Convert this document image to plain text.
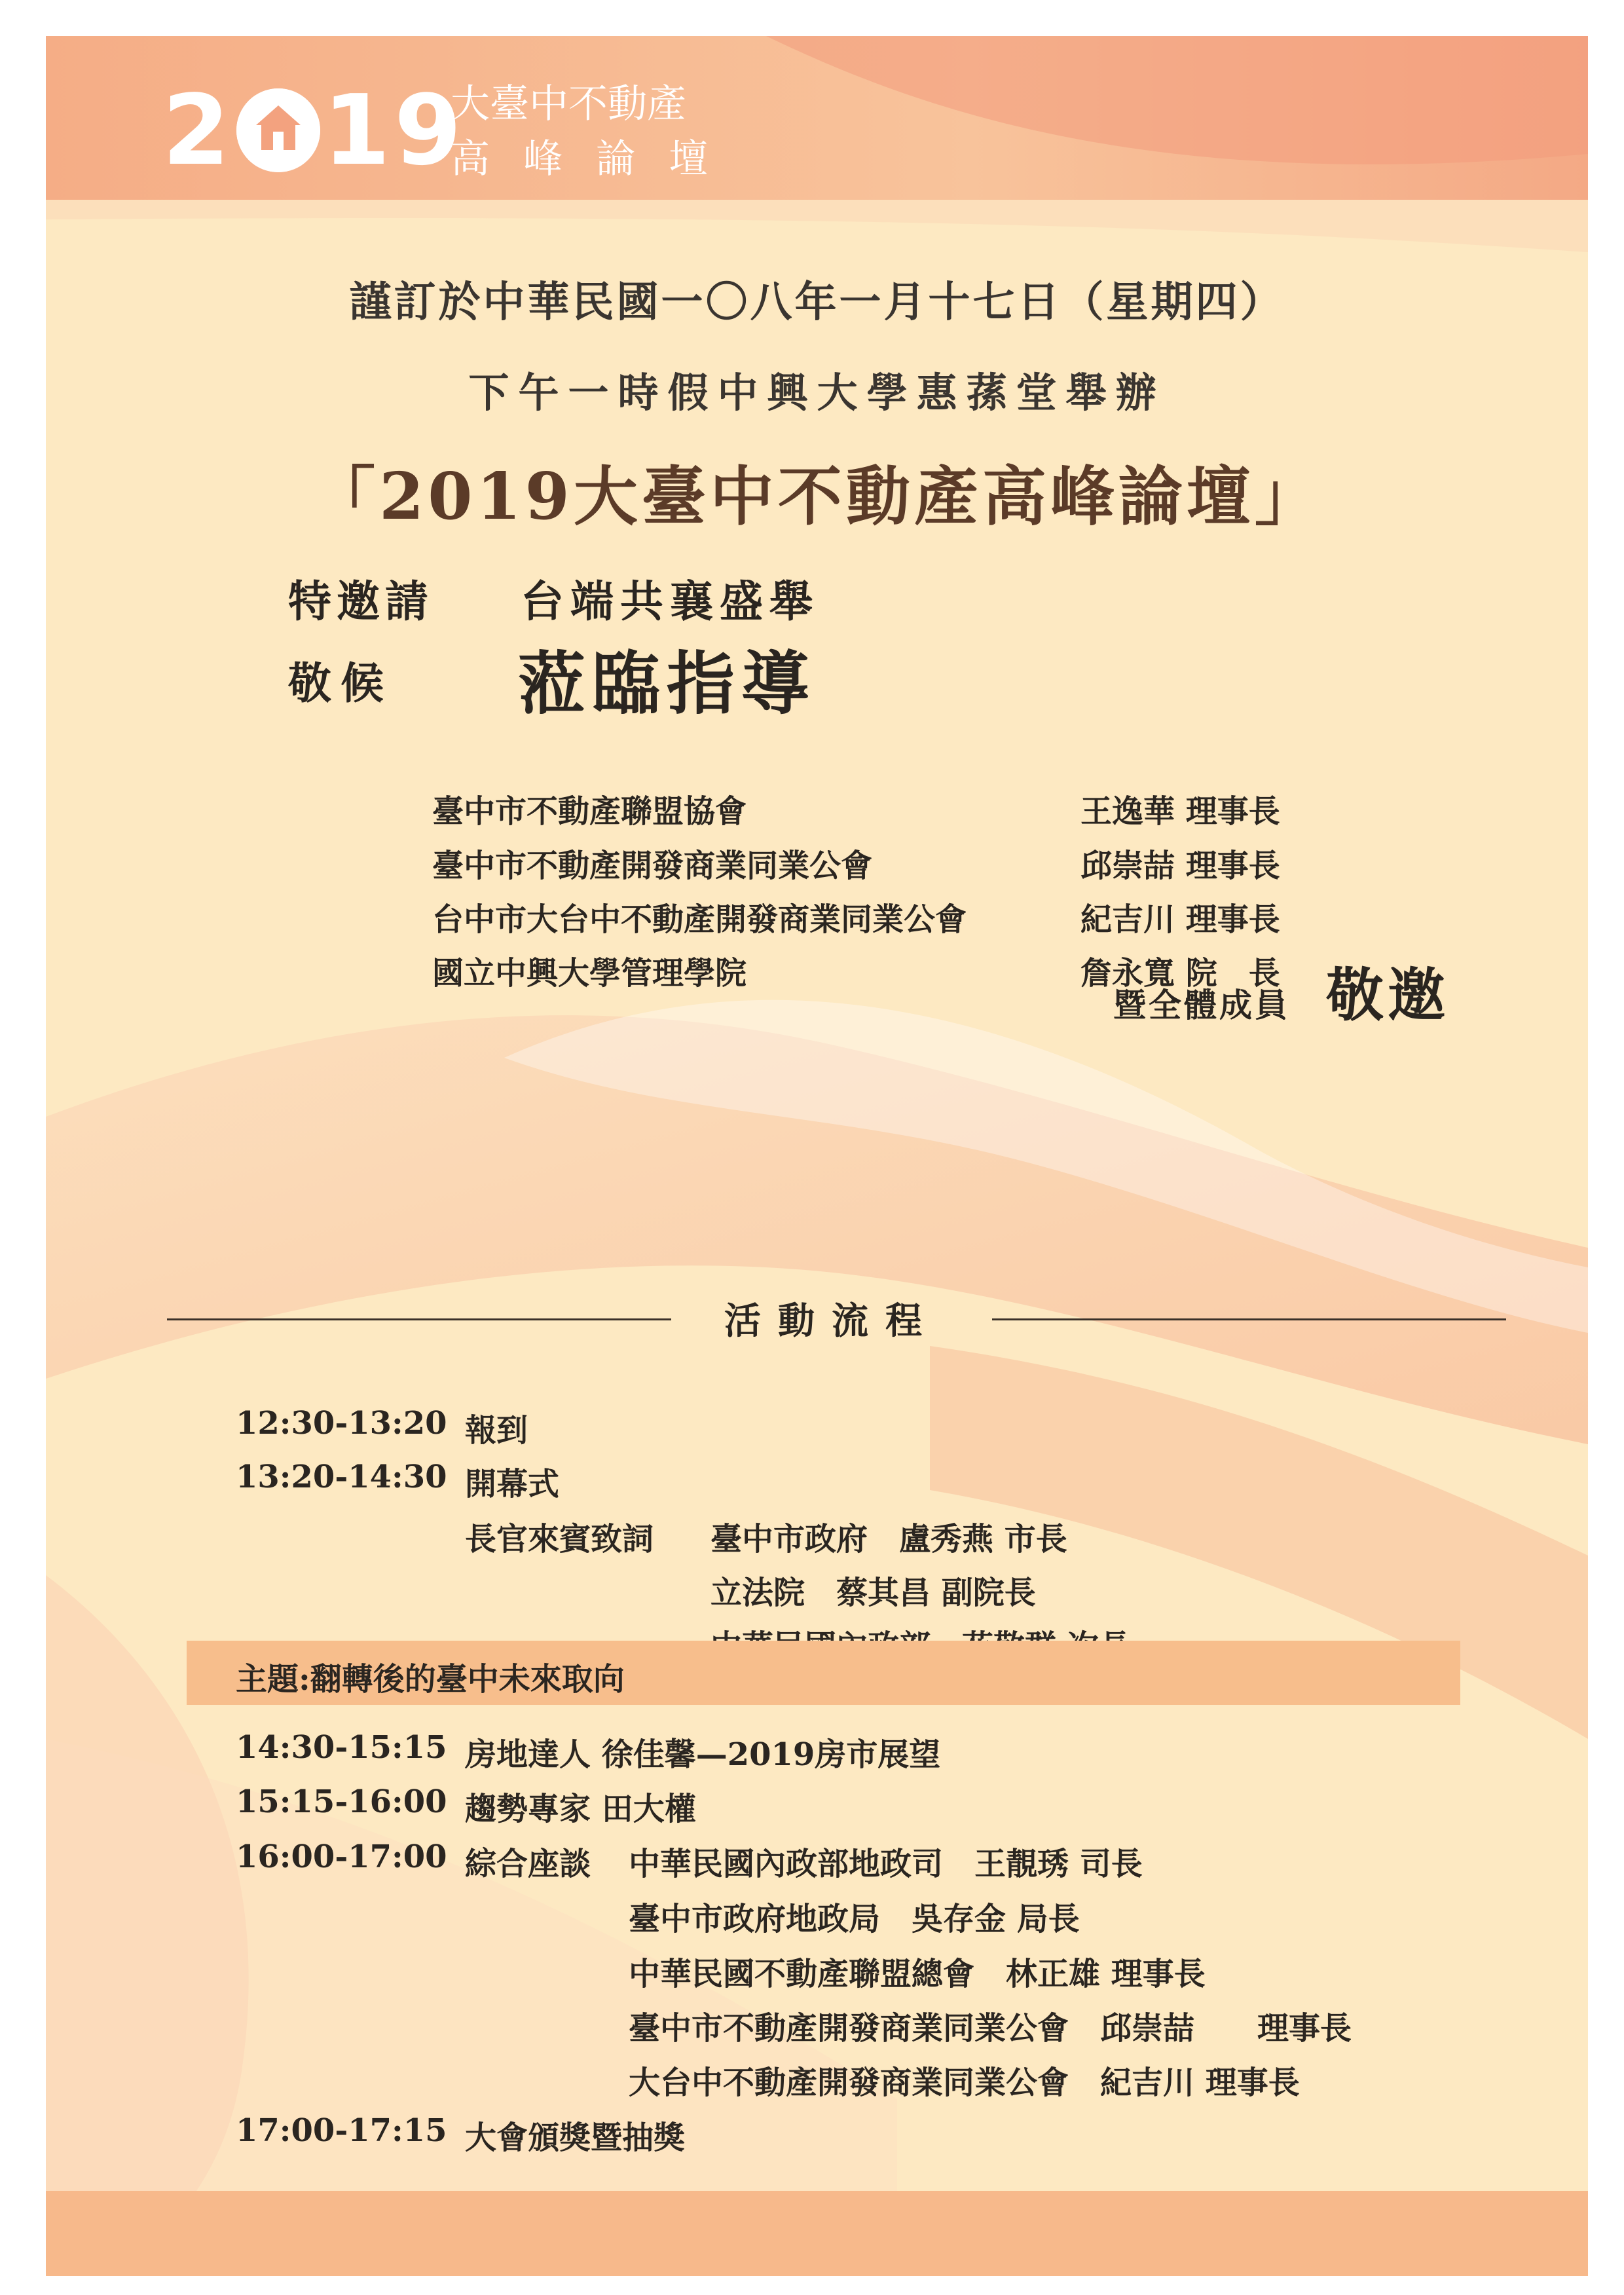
2 19
大臺中不動產
高 峰 論 壇
謹訂於中華民國一〇八年一月十七日（星期四）
下午一時假中興大學惠蓀堂舉辦
「2019大臺中不動產高峰論壇」
特邀請 台端共襄盛舉
敬候 蒞臨指導
臺中市不動產聯盟協會	王逸華 理事長
臺中市不動產開發商業同業公會	邱崇喆 理事長
台中市大台中不動產開發商業同業公會	紀吉川 理事長
國立中興大學管理學院	詹永寬 院　長
暨全體成員 敬邀
活動流程
12:30-13:20 報到
13:20-14:30 開幕式
長官來賓致詞 臺中市政府　盧秀燕 市長
立法院　蔡其昌 副院長
主題:翻轉後的臺中未來取向
14:30-15:15 房地達人 徐佳馨—2019房市展望
15:15-16:00 趨勢專家 田大權
16:00-17:00 綜合座談 中華民國內政部地政司　王靚琇 司長
臺中市政府地政局　吳存金 局長
中華民國不動產聯盟總會　林正雄 理事長
臺中市不動產開發商業同業公會　邱崇喆　　理事長
大台中不動產開發商業同業公會　紀吉川 理事長
17:00-17:15 大會頒獎暨抽獎
